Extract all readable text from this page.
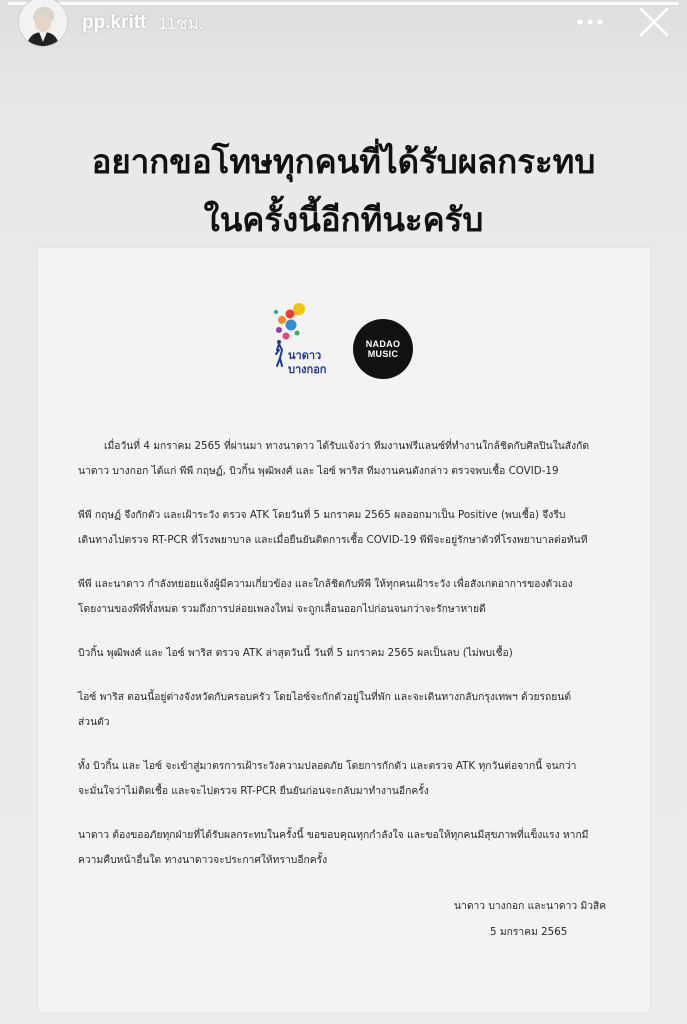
pp.kritt 11ชม.
อยากขอโทษทุกคนที่ได้รับผลกระทบ
ในครั้งนี้อีกทีนะครับ
นาดาว
บางกอก
NADAO
MUSIC
เมื่อวันที่ 4 มกราคม 2565 ที่ผ่านมา ทางนาดาว ได้รับแจ้งว่า ทีมงานฟรีแลนซ์ที่ทำงานใกล้ชิดกับศิลปินในสังกัด
นาดาว บางกอก ได้แก่ พีพี กฤษฏ์, บิวกิ้น พุฒิพงศ์ และ ไอซ์ พาริส ทีมงานคนดังกล่าว ตรวจพบเชื้อ COVID-19
พีพี กฤษฏ์ จึงกักตัว และเฝ้าระวัง ตรวจ ATK โดยวันที่ 5 มกราคม 2565 ผลออกมาเป็น Positive (พบเชื้อ) จึงรีบ
เดินทางไปตรวจ RT-PCR ที่โรงพยาบาล และเมื่อยืนยันติดการเชื้อ COVID-19 พีพีจะอยู่รักษาตัวที่โรงพยาบาลต่อทันที
พีพี และนาดาว กำลังทยอยแจ้งผู้มีความเกี่ยวข้อง และใกล้ชิดกับพีพี ให้ทุกคนเฝ้าระวัง เพื่อสังเกตอาการของตัวเอง
โดยงานของพีพีทั้งหมด รวมถึงการปล่อยเพลงใหม่ จะถูกเลื่อนออกไปก่อนจนกว่าจะรักษาหายดี
บิวกิ้น พุฒิพงศ์ และ ไอซ์ พาริส ตรวจ ATK ล่าสุดวันนี้ วันที่ 5 มกราคม 2565 ผลเป็นลบ (ไม่พบเชื้อ)
ไอซ์ พาริส ตอนนี้อยู่ต่างจังหวัดกับครอบครัว โดยไอซ์จะกักตัวอยู่ในที่พัก และจะเดินทางกลับกรุงเทพฯ ด้วยรถยนต์
ส่วนตัว
ทั้ง บิวกิ้น และ ไอซ์ จะเข้าสู่มาตรการเฝ้าระวังความปลอดภัย โดยการกักตัว และตรวจ ATK ทุกวันต่อจากนี้ จนกว่า
จะมั่นใจว่าไม่ติดเชื้อ และจะไปตรวจ RT-PCR ยืนยันก่อนจะกลับมาทำงานอีกครั้ง
นาดาว ต้องขออภัยทุกฝ่ายที่ได้รับผลกระทบในครั้งนี้ ขอขอบคุณทุกกำลังใจ และขอให้ทุกคนมีสุขภาพที่แข็งแรง หากมี
ความคืบหน้าอื่นใด ทางนาดาวจะประกาศให้ทราบอีกครั้ง
นาดาว บางกอก และนาดาว มิวสิค
5 มกราคม 2565
